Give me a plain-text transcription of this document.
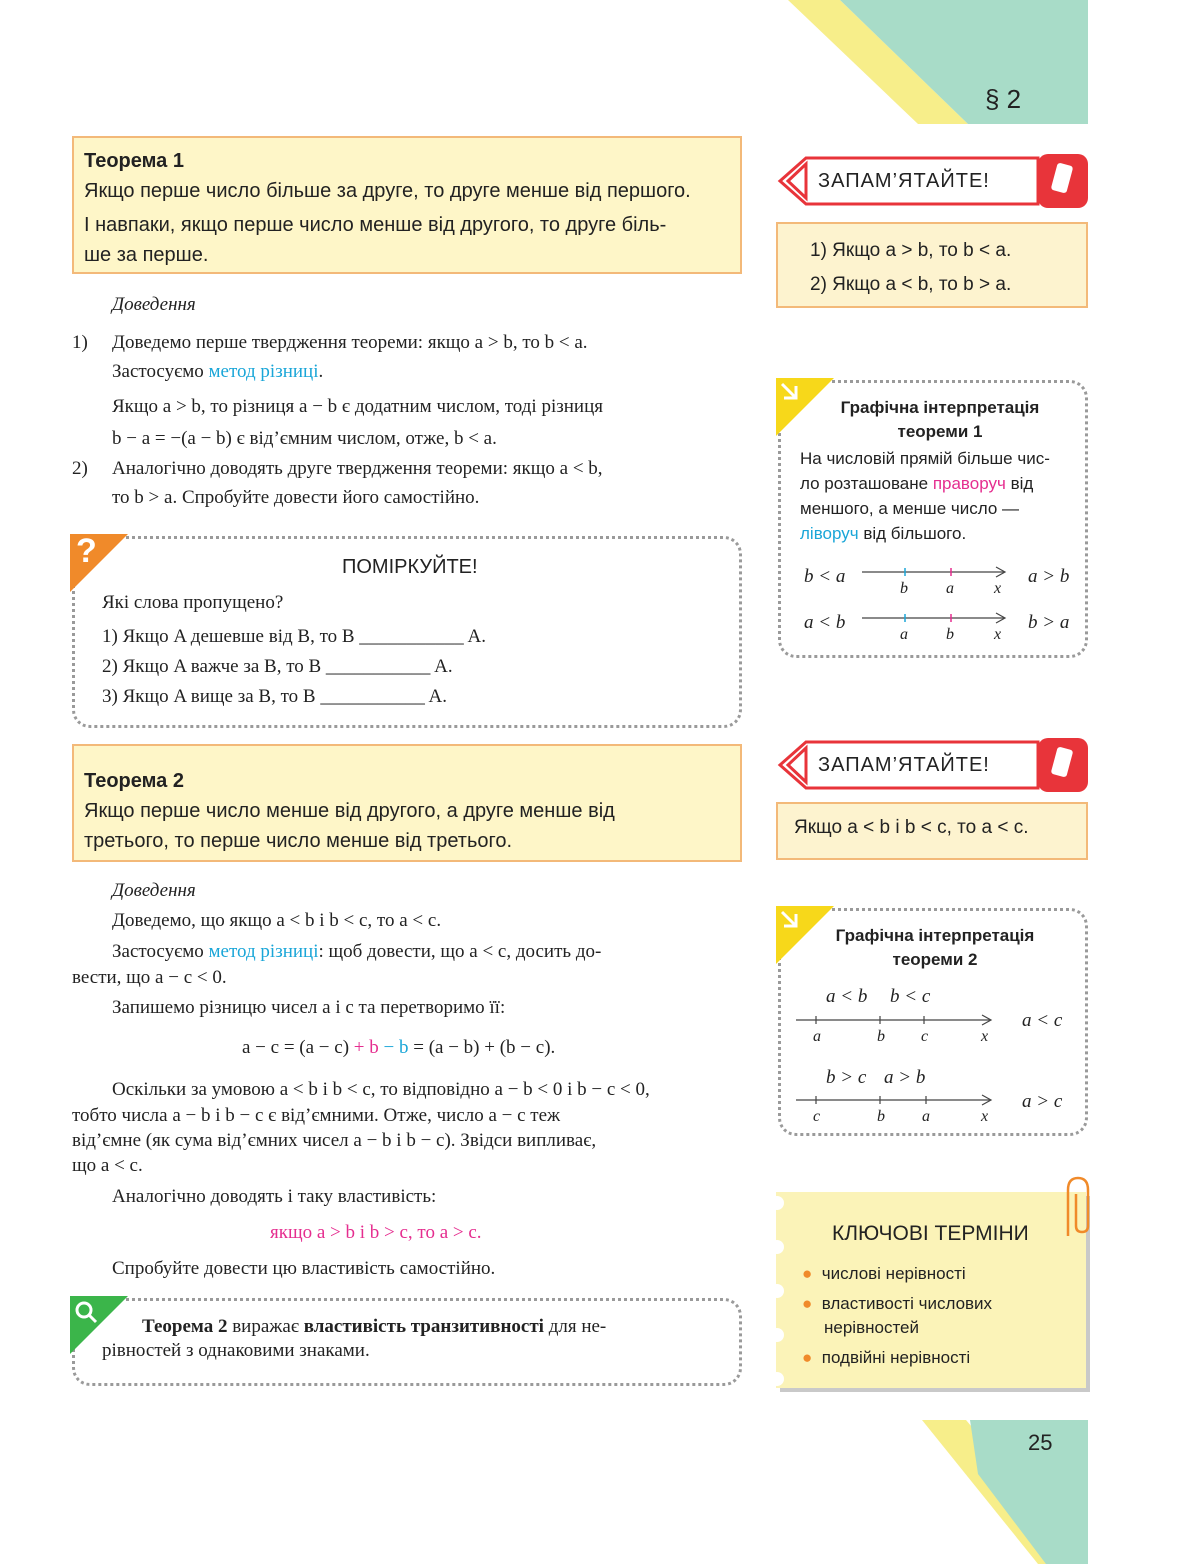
§ 2
25
Теорема 1
Якщо перше число більше за друге, то друге менше від першого.
І навпаки, якщо перше число менше від другого, то друге біль-
ше за перше.
Доведення
1) Доведемо перше твердження теореми: якщо a > b, то b < a.
Застосуємо метод різниці.
Якщо a > b, то різниця a − b є додатним числом, тоді різниця
b − a = −(a − b) є від’ємним числом, отже, b < a.
2) Аналогічно доводять друге твердження теореми: якщо a < b,
то b > a. Спробуйте довести його самостійно.
?	ПОМІРКУЙТЕ!
Які слова пропущено?
1) Якщо A дешевше від B, то B ___________ A.
2) Якщо A важче за B, то B ___________ A.
3) Якщо A вище за B, то B ___________ A.
Теорема 2
Якщо перше число менше від другого, а друге менше від
третього, то перше число менше від третього.
Доведення
Доведемо, що якщо a < b і b < c, то a < c.
Застосуємо метод різниці: щоб довести, що a < c, досить до-
вести, що a − c < 0.
Запишемо різницю чисел a і c та перетворимо її:
a − c = (a − c) + b − b = (a − b) + (b − c).
Оскільки за умовою a < b і b < c, то відповідно a − b < 0 і b − c < 0,
тобто числа a − b і b − c є від’ємними. Отже, число a − c теж
від’ємне (як сума від’ємних чисел a − b і b − c). Звідси випливає,
що a < c.
Аналогічно доводять і таку властивість:
якщо a > b і b > c, то a > c.
Спробуйте довести цю властивість самостійно.
Теорема 2 виражає властивість транзитивності для не-
рівностей з однаковими знаками.
ЗАПАМ’ЯТАЙТЕ!
1) Якщо a > b, то b < a.
2) Якщо a < b, то b > a.
Графічна інтерпретація
теореми 1
На числовій прямій більше чис-
ло розташоване праворуч від
меншого, а менше число —
ліворуч від більшого.
b < a	a > b
b a	x
a < b	b > a
a b	x
ЗАПАМ’ЯТАЙТЕ!
Якщо a < b і b < c, то a < c.
Графічна інтерпретація
теореми 2
a < b b < c
a	b c	x
a < c
b > c a > b
c	b a	x
a > c
КЛЮЧОВІ ТЕРМІНИ
● числові нерівності
● властивості числових
нерівностей
● подвійні нерівності
